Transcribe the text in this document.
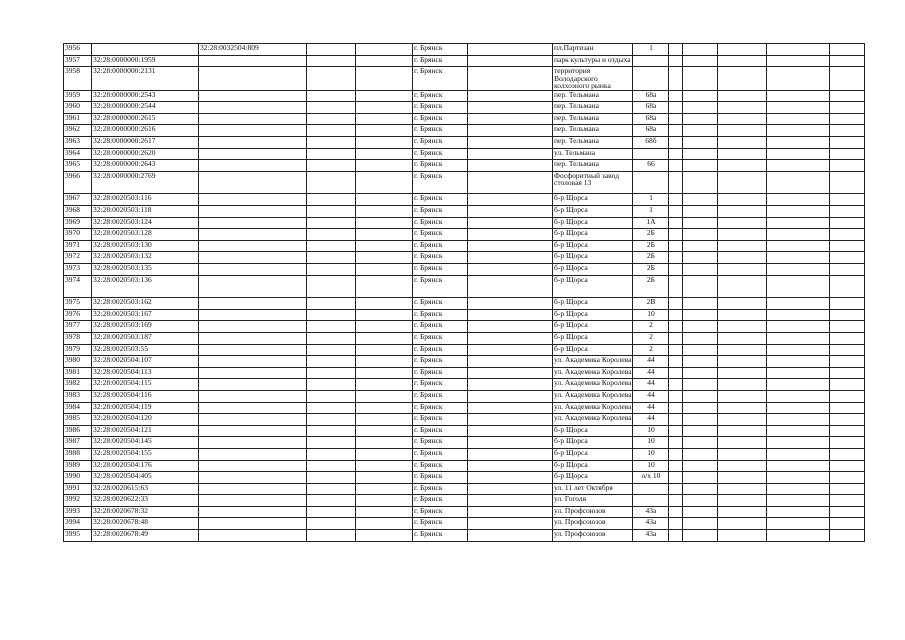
3956		32:28:0032504:809			г. Брянск		пл.Партизан	1					
3957	32:28:0000000:1959				г. Брянск		парк культуры и отдыха						
3958	32:28:0000000:2131				г. Брянск		территория Володарского колхозного рынка						
3959	32:28:0000000:2543				г. Брянск		пер. Тельмана	68а					
3960	32:28:0000000:2544				г. Брянск		пер. Тельмана	68а					
3961	32:28:0000000:2615				г. Брянск		пер. Тельмана	68а					
3962	32:28:0000000:2616				г. Брянск		пер. Тельмана	68а					
3963	32:28:0000000:2617				г. Брянск		пер. Тельмана	68б					
3964	32:28:0000000:2620				г. Брянск		ул. Тельмана						
3965	32:28:0000000:2643				г. Брянск		пер. Тельмана	66					
3966	32:28:0000000:2769				г. Брянск		Фосфоритный завод столовая 13						
3967	32:28:0020503:116				г. Брянск		б-р Щорса	1					
3968	32:28:0020503:118				г. Брянск		б-р Щорса	1					
3969	32:28:0020503:124				г. Брянск		б-р Щорса	1А					
3970	32:28:0020503:128				г. Брянск		б-р Щорса	2Б					
3971	32:28:0020503:130				г. Брянск		б-р Щорса	2Б					
3972	32:28:0020503:132				г. Брянск		б-р Щорса	2Б					
3973	32:28:0020503:135				г. Брянск		б-р Щорса	2Б					
3974	32:28:0020503:136				г. Брянск		б-р Щорса	2Б					
3975	32:28:0020503:162				г. Брянск		б-р Щорса	2В					
3976	32:28:0020503:167				г. Брянск		б-р Щорса	10					
3977	32:28:0020503:169				г. Брянск		б-р Щорса	2					
3978	32:28:0020503:187				г. Брянск		б-р Щорса	2					
3979	32:28:0020503:55				г. Брянск		б-р Щорса	2					
3980	32:28:0020504:107				г. Брянск		ул. Академика Королева	44					
3981	32:28:0020504:113				г. Брянск		ул. Академика Королева	44					
3982	32:28:0020504:115				г. Брянск		ул. Академика Королева	44					
3983	32:28:0020504:116				г. Брянск		ул. Академика Королева	44					
3984	32:28:0020504:119				г. Брянск		ул. Академика Королева	44					
3985	32:28:0020504:120				г. Брянск		ул. Академика Королева	44					
3986	32:28:0020504:121				г. Брянск		б-р Щорса	10					
3987	32:28:0020504:145				г. Брянск		б-р Щорса	10					
3988	32:28:0020504:155				г. Брянск		б-р Щорса	10					
3989	32:28:0020504:176				г. Брянск		б-р Щорса	10					
3990	32:28:0020504:405				г. Брянск		б-р Щорса	о/х 10					
3991	32:28:0020615:63				г. Брянск		ул. 11 лет Октября						
3992	32:28:0020622:33				г. Брянск		ул. Гоголя						
3993	32:28:0020678:32				г. Брянск		ул. Профсоюзов	43а					
3994	32:28:0020678:48				г. Брянск		ул. Профсоюзов	43а					
3995	32:28:0020678:49				г. Брянск		ул. Профсоюзов	43а					
